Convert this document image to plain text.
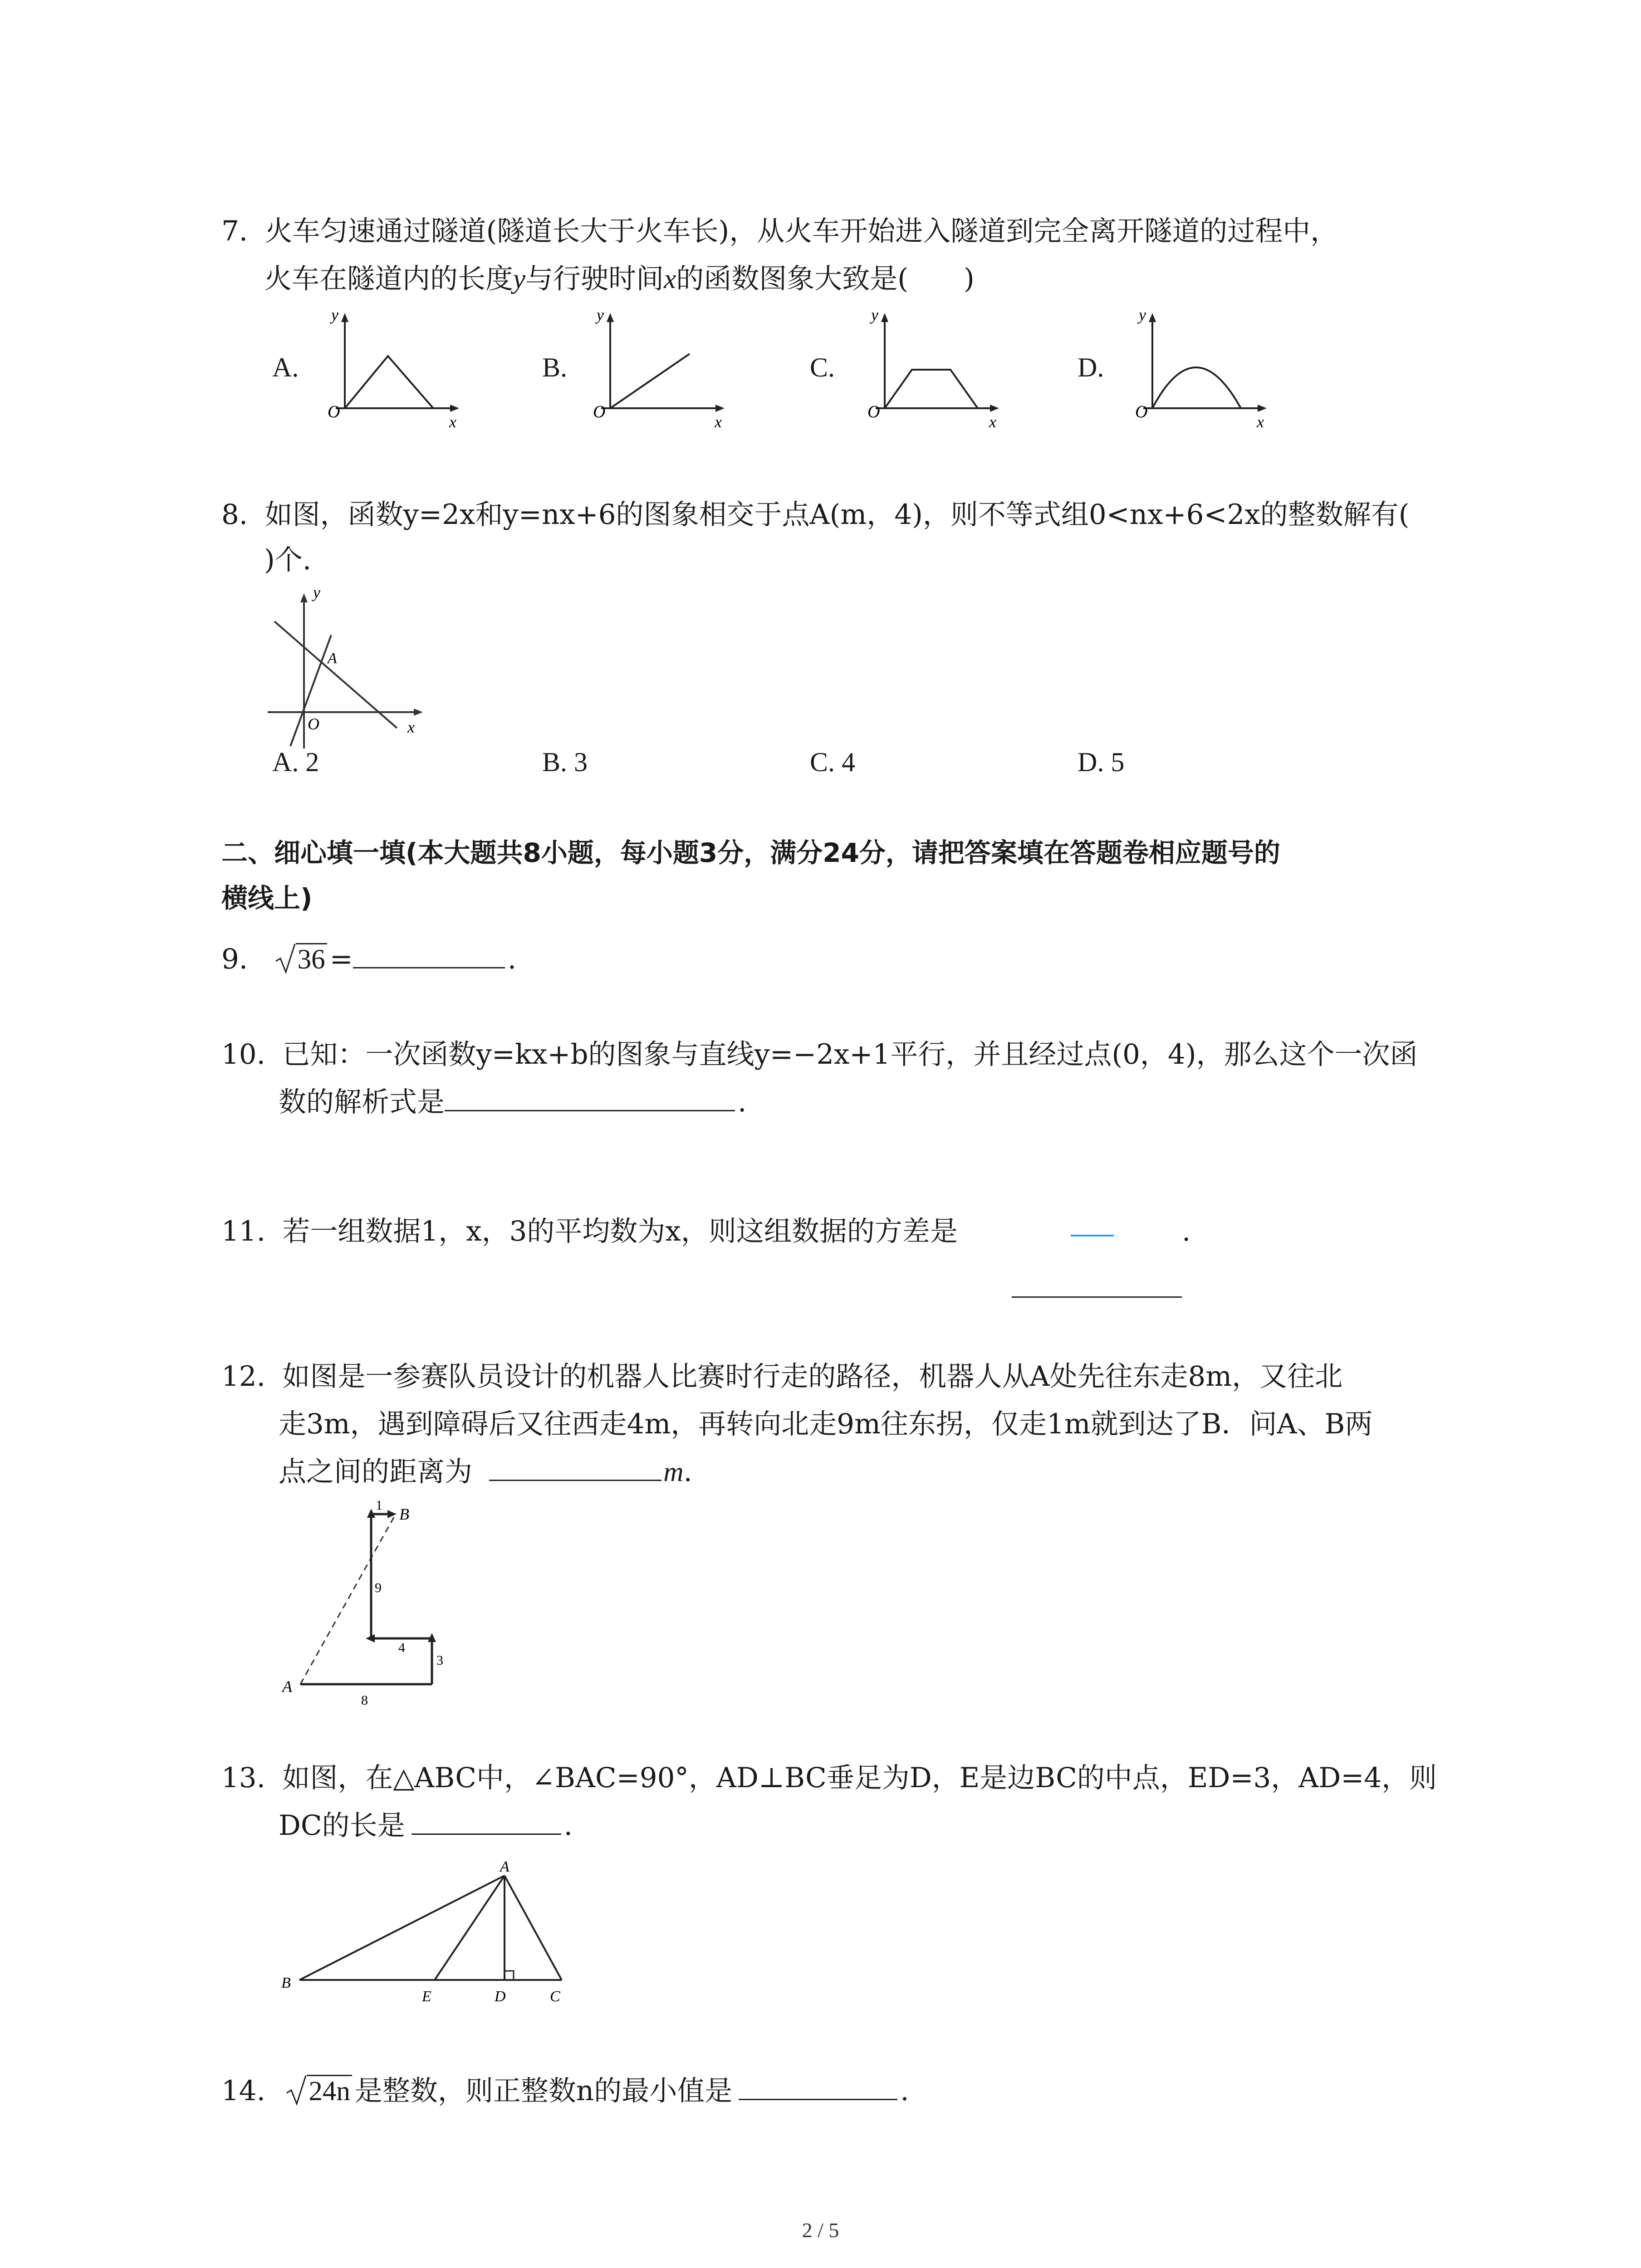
7. 火车匀速通过隧道(隧道长大于火车长)，从火车开始进入隧道到完全离开隧道的过程中，
火车在隧道内的长度y与行驶时间x的函数图象大致是(　　)
A.
y
O
x
B.
y
O
x
C.
y
O
x
D.
y
O
x
8. 如图，函数y=2x和y=nx+6的图象相交于点A(m，4)，则不等式组0<nx+6<2x的整数解有(
)个.
y
A
O	x
A. 2	B. 3	C. 4	D. 5
二、细心填一填(本大题共8小题，每小题3分，满分24分，请把答案填在答题卷相应题号的
横线上)
9. 36 =	.
10. 已知：一次函数y=kx+b的图象与直线y=−2x+1平行，并且经过点(0，4)，那么这个一次函
数的解析式是	.
11. 若一组数据1，x，3的平均数为x，则这组数据的方差是	.
12. 如图是一参赛队员设计的机器人比赛时行走的路径，机器人从A处先往东走8m，又往北
走3m，遇到障碍后又往西走4m，再转向北走9m往东拐，仅走1m就到达了B．问A、B两
点之间的距离为	m.
A
B
1
9
4
3
8
13. 如图，在△ABC中，∠BAC=90°，AD⊥BC垂足为D，E是边BC的中点，ED=3，AD=4，则
DC的长是	.
A
B
E	D	C
14. 24n 是整数，则正整数n的最小值是	.
2 / 5
